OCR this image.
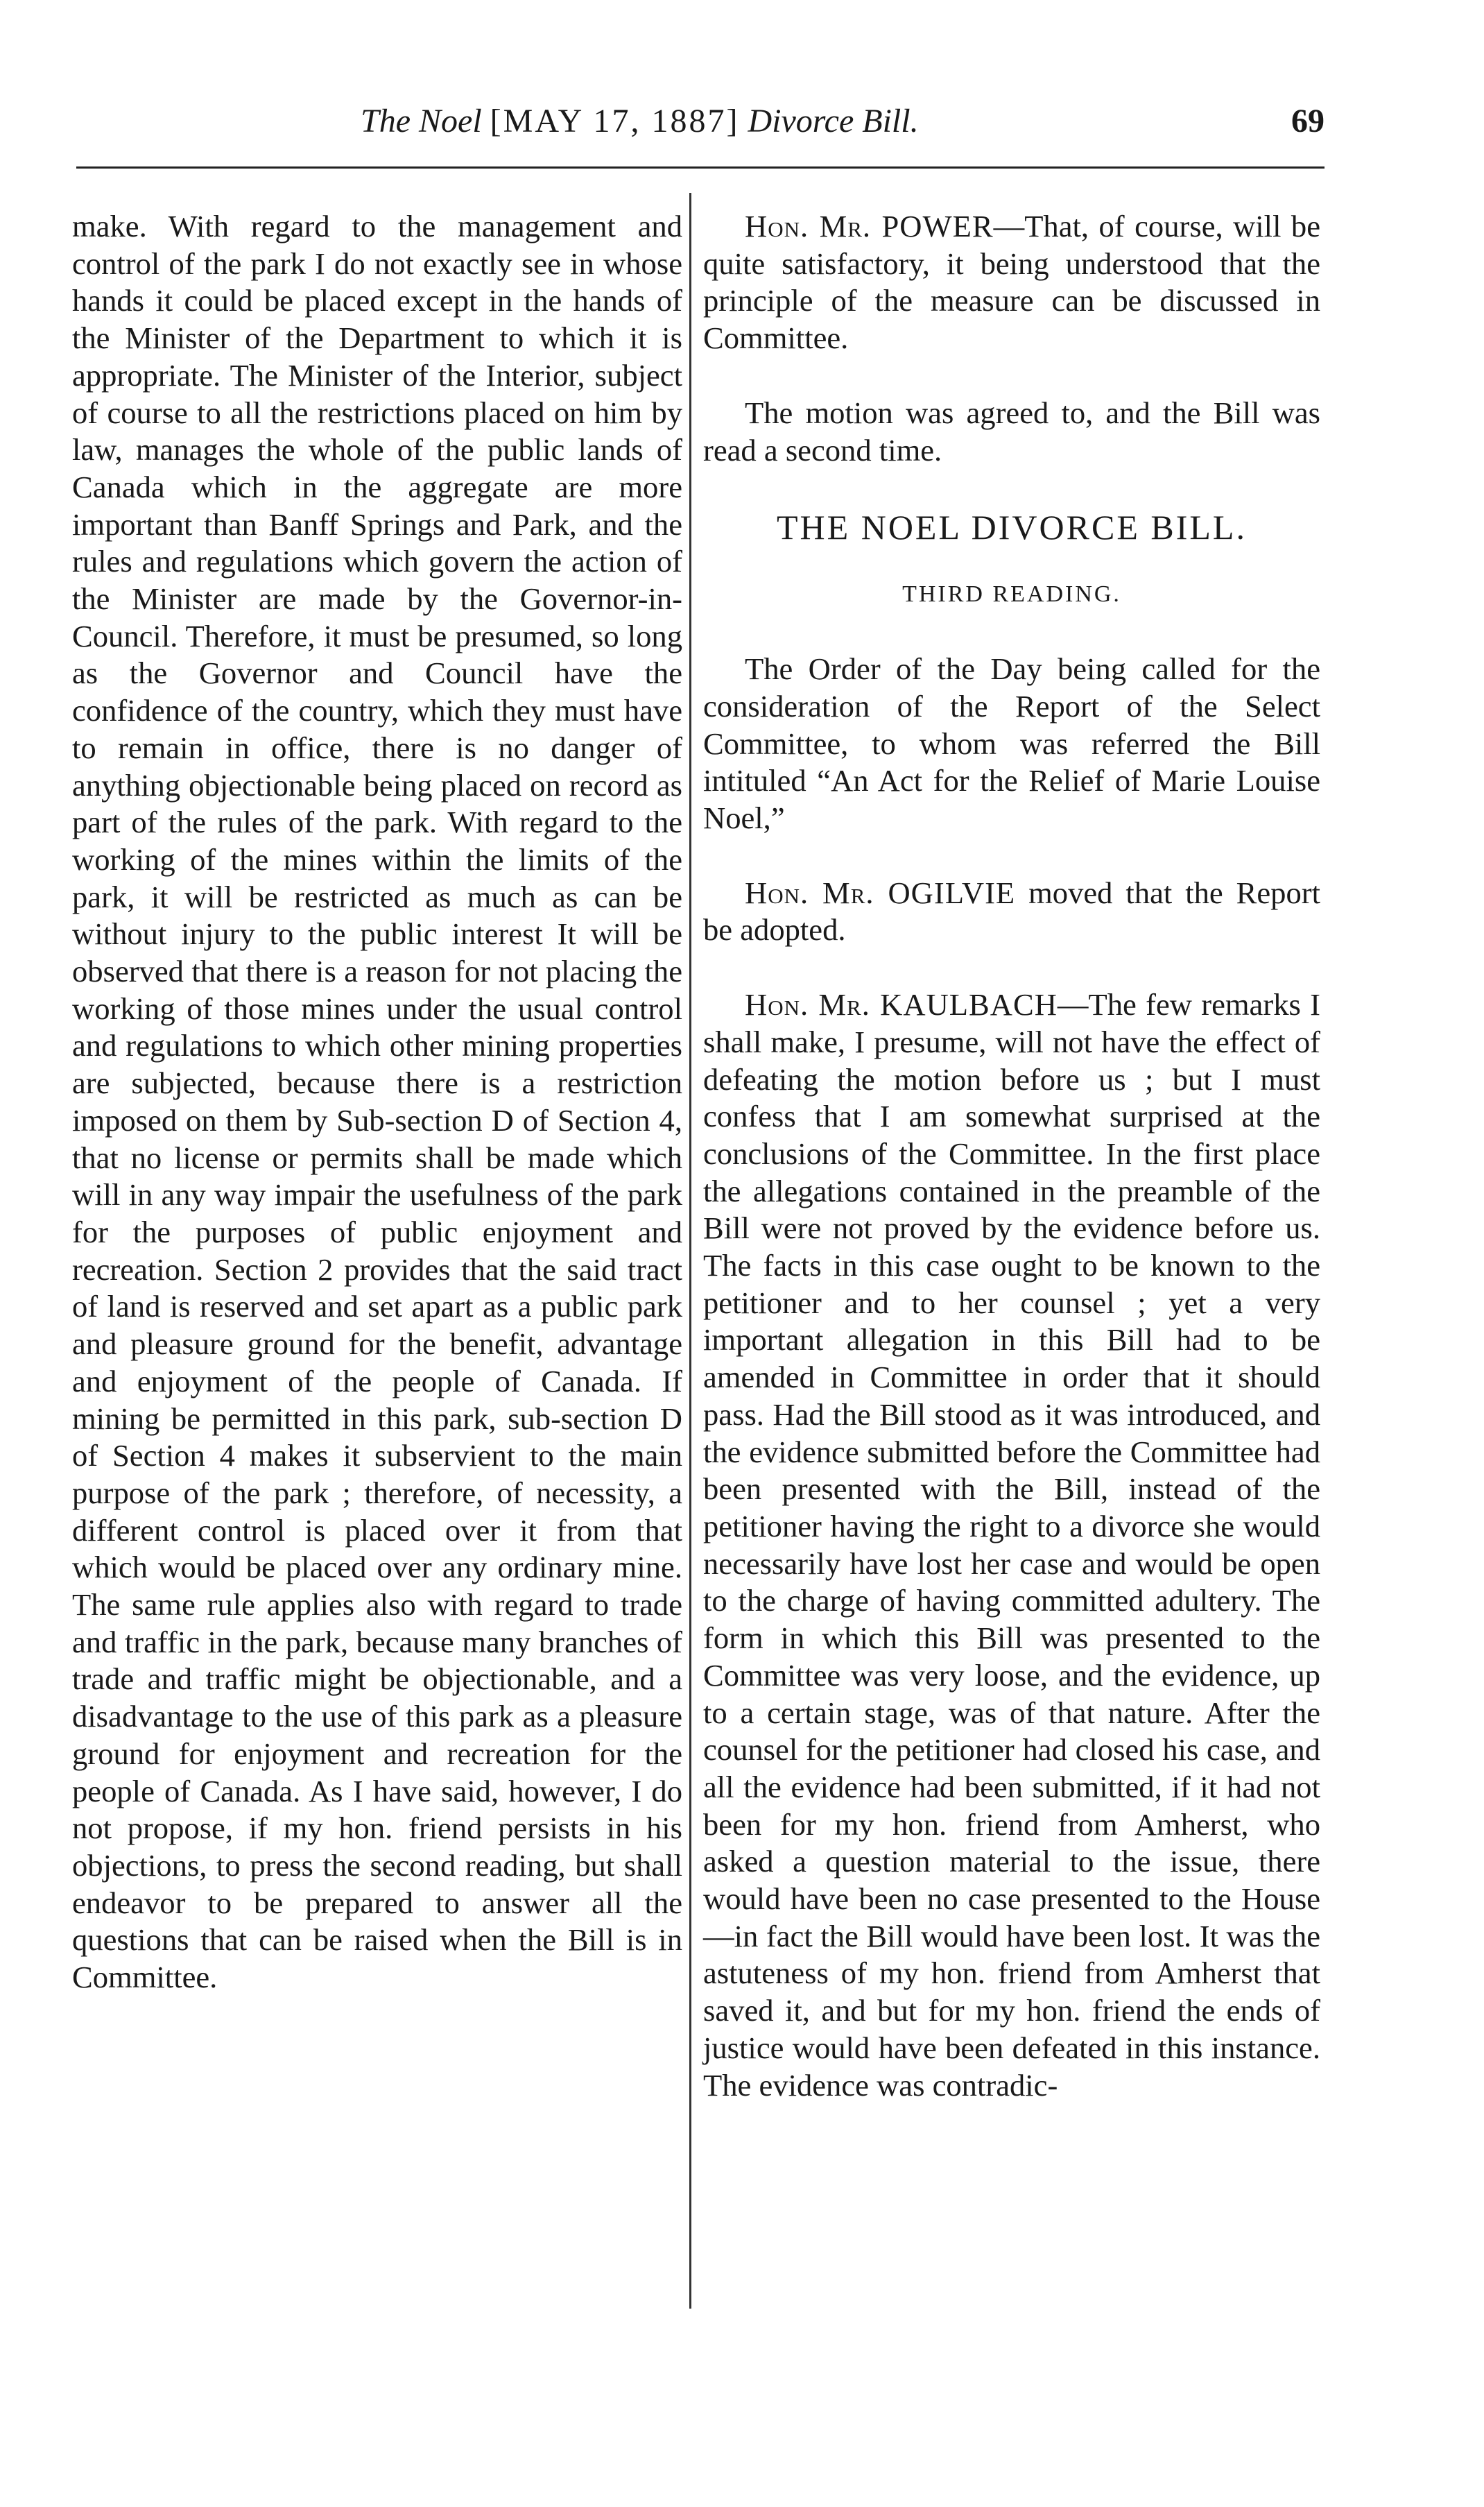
The Noel [MAY 17, 1887] Divorce Bill.	69

make. With regard to the management and control of the park I do not exactly see in whose hands it could be placed except in the hands of the Minister of the Department to which it is appropriate. The Minister of the Interior, subject of course to all the restrictions placed on him by law, manages the whole of the public lands of Canada which in the aggregate are more important than Banff Springs and Park, and the rules and regulations which govern the action of the Minister are made by the Governor-in-Council. Therefore, it must be presumed, so long as the Governor and Council have the confidence of the country, which they must have to remain in office, there is no danger of anything objectionable being placed on record as part of the rules of the park. With regard to the working of the mines within the limits of the park, it will be restricted as much as can be without injury to the public interest It will be observed that there is a reason for not placing the working of those mines under the usual control and regulations to which other mining properties are subjected, because there is a restriction imposed on them by Sub-section D of Section 4, that no license or permits shall be made which will in any way impair the usefulness of the park for the purposes of public enjoyment and recreation. Section 2 provides that the said tract of land is reserved and set apart as a public park and pleasure ground for the benefit, advantage and enjoyment of the people of Canada. If mining be permitted in this park, sub-section D of Section 4 makes it subservient to the main purpose of the park ; therefore, of necessity, a different control is placed over it from that which would be placed over any ordinary mine. The same rule applies also with regard to trade and traffic in the park, because many branches of trade and traffic might be objectionable, and a disadvantage to the use of this park as a pleasure ground for enjoyment and recreation for the people of Canada. As I have said, however, I do not propose, if my hon. friend persists in his objections, to press the second reading, but shall endeavor to be prepared to answer all the questions that can be raised when the Bill is in Committee.

Hon. Mr. POWER—That, of course, will be quite satisfactory, it being understood that the principle of the measure can be discussed in Committee.

The motion was agreed to, and the Bill was read a second time.

THE NOEL DIVORCE BILL.
THIRD READING.

The Order of the Day being called for the consideration of the Report of the Select Committee, to whom was referred the Bill intituled “An Act for the Relief of Marie Louise Noel,”

Hon. Mr. OGILVIE moved that the Report be adopted.

Hon. Mr. KAULBACH—The few remarks I shall make, I presume, will not have the effect of defeating the motion before us ; but I must confess that I am somewhat surprised at the conclusions of the Committee. In the first place the allegations contained in the preamble of the Bill were not proved by the evidence before us. The facts in this case ought to be known to the petitioner and to her counsel ; yet a very important allegation in this Bill had to be amended in Committee in order that it should pass. Had the Bill stood as it was introduced, and the evidence submitted before the Committee had been presented with the Bill, instead of the petitioner having the right to a divorce she would necessarily have lost her case and would be open to the charge of having committed adultery. The form in which this Bill was presented to the Committee was very loose, and the evidence, up to a certain stage, was of that nature. After the counsel for the petitioner had closed his case, and all the evidence had been submitted, if it had not been for my hon. friend from Amherst, who asked a question material to the issue, there would have been no case presented to the House—in fact the Bill would have been lost. It was the astuteness of my hon. friend from Amherst that saved it, and but for my hon. friend the ends of justice would have been defeated in this instance. The evidence was contradic-
